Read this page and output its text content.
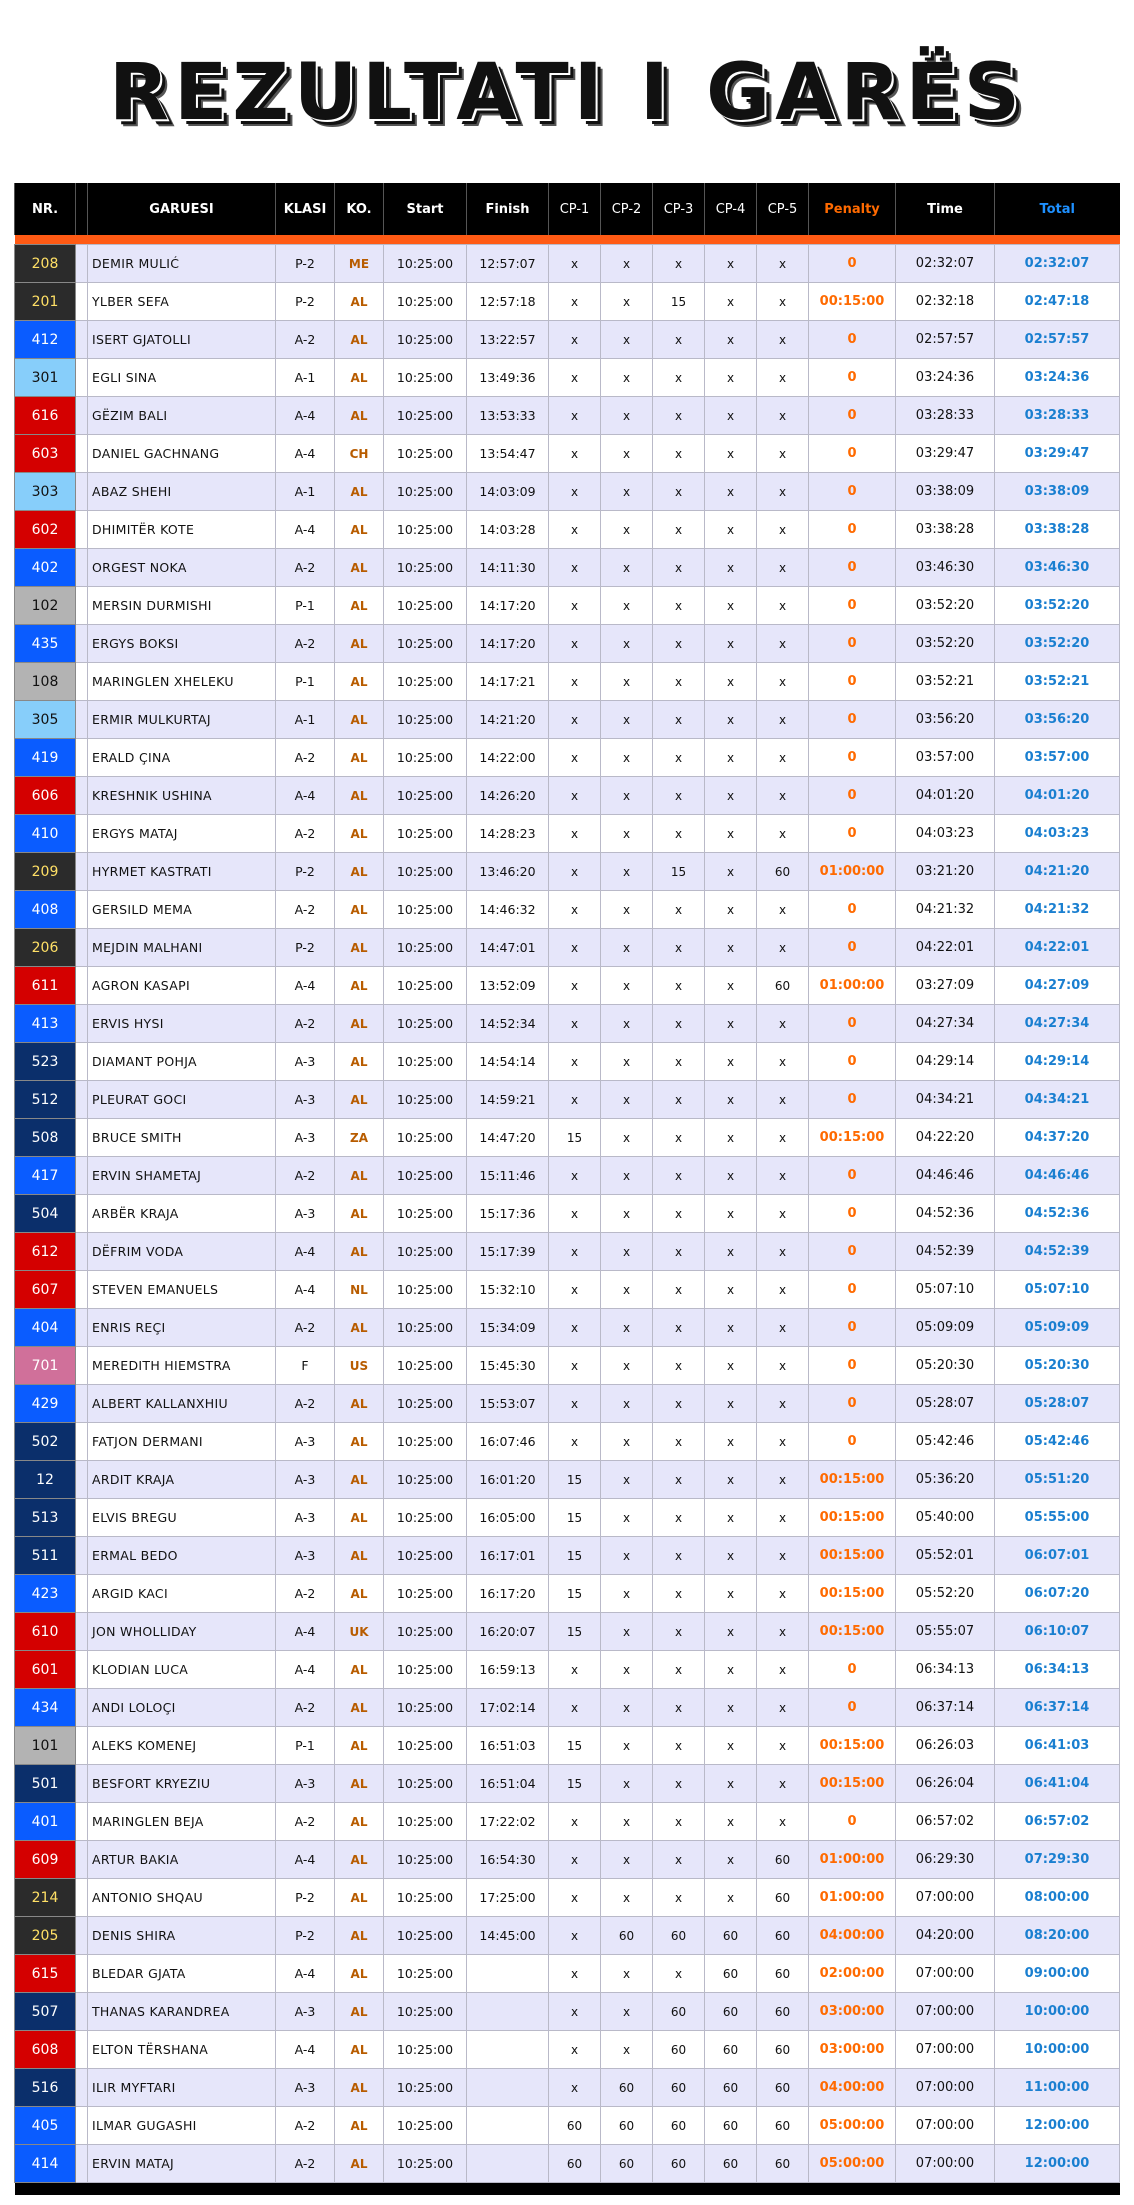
REZULTATI I GARËS
NR.		GARUESI	KLASI	KO.	Start	Finish	CP-1	CP-2	CP-3	CP-4	CP-5	Penalty	Time	Total

208		DEMIR MULIĆ	P-2	ME	10:25:00	12:57:07	x	x	x	x	x	0	02:32:07	02:32:07
201		YLBER SEFA	P-2	AL	10:25:00	12:57:18	x	x	15	x	x	00:15:00	02:32:18	02:47:18
412		ISERT GJATOLLI	A-2	AL	10:25:00	13:22:57	x	x	x	x	x	0	02:57:57	02:57:57
301		EGLI SINA	A-1	AL	10:25:00	13:49:36	x	x	x	x	x	0	03:24:36	03:24:36
616		GËZIM BALI	A-4	AL	10:25:00	13:53:33	x	x	x	x	x	0	03:28:33	03:28:33
603		DANIEL GACHNANG	A-4	CH	10:25:00	13:54:47	x	x	x	x	x	0	03:29:47	03:29:47
303		ABAZ SHEHI	A-1	AL	10:25:00	14:03:09	x	x	x	x	x	0	03:38:09	03:38:09
602		DHIMITËR KOTE	A-4	AL	10:25:00	14:03:28	x	x	x	x	x	0	03:38:28	03:38:28
402		ORGEST NOKA	A-2	AL	10:25:00	14:11:30	x	x	x	x	x	0	03:46:30	03:46:30
102		MERSIN DURMISHI	P-1	AL	10:25:00	14:17:20	x	x	x	x	x	0	03:52:20	03:52:20
435		ERGYS BOKSI	A-2	AL	10:25:00	14:17:20	x	x	x	x	x	0	03:52:20	03:52:20
108		MARINGLEN XHELEKU	P-1	AL	10:25:00	14:17:21	x	x	x	x	x	0	03:52:21	03:52:21
305		ERMIR MULKURTAJ	A-1	AL	10:25:00	14:21:20	x	x	x	x	x	0	03:56:20	03:56:20
419		ERALD ÇINA	A-2	AL	10:25:00	14:22:00	x	x	x	x	x	0	03:57:00	03:57:00
606		KRESHNIK USHINA	A-4	AL	10:25:00	14:26:20	x	x	x	x	x	0	04:01:20	04:01:20
410		ERGYS MATAJ	A-2	AL	10:25:00	14:28:23	x	x	x	x	x	0	04:03:23	04:03:23
209		HYRMET KASTRATI	P-2	AL	10:25:00	13:46:20	x	x	15	x	60	01:00:00	03:21:20	04:21:20
408		GERSILD MEMA	A-2	AL	10:25:00	14:46:32	x	x	x	x	x	0	04:21:32	04:21:32
206		MEJDIN MALHANI	P-2	AL	10:25:00	14:47:01	x	x	x	x	x	0	04:22:01	04:22:01
611		AGRON KASAPI	A-4	AL	10:25:00	13:52:09	x	x	x	x	60	01:00:00	03:27:09	04:27:09
413		ERVIS HYSI	A-2	AL	10:25:00	14:52:34	x	x	x	x	x	0	04:27:34	04:27:34
523		DIAMANT POHJA	A-3	AL	10:25:00	14:54:14	x	x	x	x	x	0	04:29:14	04:29:14
512		PLEURAT GOCI	A-3	AL	10:25:00	14:59:21	x	x	x	x	x	0	04:34:21	04:34:21
508		BRUCE SMITH	A-3	ZA	10:25:00	14:47:20	15	x	x	x	x	00:15:00	04:22:20	04:37:20
417		ERVIN SHAMETAJ	A-2	AL	10:25:00	15:11:46	x	x	x	x	x	0	04:46:46	04:46:46
504		ARBËR KRAJA	A-3	AL	10:25:00	15:17:36	x	x	x	x	x	0	04:52:36	04:52:36
612		DËFRIM VODA	A-4	AL	10:25:00	15:17:39	x	x	x	x	x	0	04:52:39	04:52:39
607		STEVEN EMANUELS	A-4	NL	10:25:00	15:32:10	x	x	x	x	x	0	05:07:10	05:07:10
404		ENRIS REÇI	A-2	AL	10:25:00	15:34:09	x	x	x	x	x	0	05:09:09	05:09:09
701		MEREDITH HIEMSTRA	F	US	10:25:00	15:45:30	x	x	x	x	x	0	05:20:30	05:20:30
429		ALBERT KALLANXHIU	A-2	AL	10:25:00	15:53:07	x	x	x	x	x	0	05:28:07	05:28:07
502		FATJON DERMANI	A-3	AL	10:25:00	16:07:46	x	x	x	x	x	0	05:42:46	05:42:46
12		ARDIT KRAJA	A-3	AL	10:25:00	16:01:20	15	x	x	x	x	00:15:00	05:36:20	05:51:20
513		ELVIS BREGU	A-3	AL	10:25:00	16:05:00	15	x	x	x	x	00:15:00	05:40:00	05:55:00
511		ERMAL BEDO	A-3	AL	10:25:00	16:17:01	15	x	x	x	x	00:15:00	05:52:01	06:07:01
423		ARGID KACI	A-2	AL	10:25:00	16:17:20	15	x	x	x	x	00:15:00	05:52:20	06:07:20
610		JON WHOLLIDAY	A-4	UK	10:25:00	16:20:07	15	x	x	x	x	00:15:00	05:55:07	06:10:07
601		KLODIAN LUCA	A-4	AL	10:25:00	16:59:13	x	x	x	x	x	0	06:34:13	06:34:13
434		ANDI LOLOÇI	A-2	AL	10:25:00	17:02:14	x	x	x	x	x	0	06:37:14	06:37:14
101		ALEKS KOMENEJ	P-1	AL	10:25:00	16:51:03	15	x	x	x	x	00:15:00	06:26:03	06:41:03
501		BESFORT KRYEZIU	A-3	AL	10:25:00	16:51:04	15	x	x	x	x	00:15:00	06:26:04	06:41:04
401		MARINGLEN BEJA	A-2	AL	10:25:00	17:22:02	x	x	x	x	x	0	06:57:02	06:57:02
609		ARTUR BAKIA	A-4	AL	10:25:00	16:54:30	x	x	x	x	60	01:00:00	06:29:30	07:29:30
214		ANTONIO SHQAU	P-2	AL	10:25:00	17:25:00	x	x	x	x	60	01:00:00	07:00:00	08:00:00
205		DENIS SHIRA	P-2	AL	10:25:00	14:45:00	x	60	60	60	60	04:00:00	04:20:00	08:20:00
615		BLEDAR GJATA	A-4	AL	10:25:00		x	x	x	60	60	02:00:00	07:00:00	09:00:00
507		THANAS KARANDREA	A-3	AL	10:25:00		x	x	60	60	60	03:00:00	07:00:00	10:00:00
608		ELTON TËRSHANA	A-4	AL	10:25:00		x	x	60	60	60	03:00:00	07:00:00	10:00:00
516		ILIR MYFTARI	A-3	AL	10:25:00		x	60	60	60	60	04:00:00	07:00:00	11:00:00
405		ILMAR GUGASHI	A-2	AL	10:25:00		60	60	60	60	60	05:00:00	07:00:00	12:00:00
414		ERVIN MATAJ	A-2	AL	10:25:00		60	60	60	60	60	05:00:00	07:00:00	12:00:00
